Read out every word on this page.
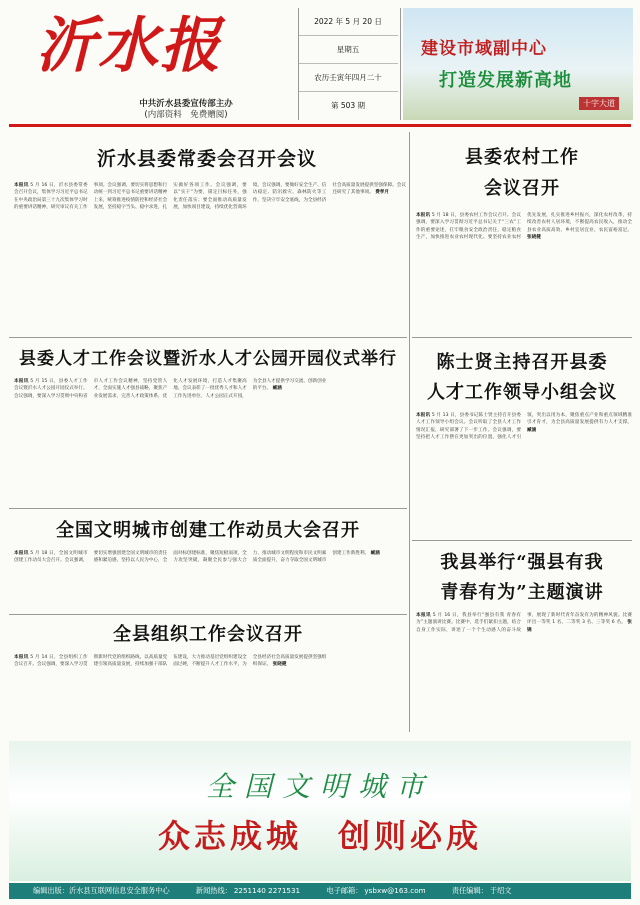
沂水报
中共沂水县委宣传部主办
(内部资料　免费赠阅)
2022 年 5 月 20 日
星期五
农历壬寅年四月二十
第 503 期
建设市域副中心
打造发展新高地
十字大道
沂水县委常委会召开会议
本报讯 5 月 16 日，沂水县委常委会召开会议，集体学习习近平总书记在中央政治局第三十九次集体学习时的重要讲话精神，研究审议有关工作事项。会议强调，要切实将思想和行动统一到习近平总书记重要讲话精神上来，统筹推进疫情防控和经济社会发展，坚持稳字当头、稳中求进，扎实做好各项工作。会议强调，要以“实干”为要，锚定目标任务，强化责任落实；要全面推动高质量发展，加快项目建设，持续优化营商环境。会议强调，要做好安全生产、信访稳定、防汛救灾、森林防火等工作，坚决守牢安全底线，为全县经济社会高质量发展提供坚强保障。会议还研究了其他事项。 费孝月
县委农村工作
会议召开
本报讯 5 月 18 日，县委农村工作会议召开。会议强调，要深入学习贯彻习近平总书记关于“三农”工作的重要论述，扛牢粮食安全政治责任，稳定粮食生产，加快推进农业农村现代化。要坚持农业农村优先发展，扎实推进乡村振兴，深化农村改革，持续改善农村人居环境，不断提高农民收入，推动全县农业高质高效、乡村宜居宜业、农民富裕富足。 张晓健
县委人才工作会议暨沂水人才公园开园仪式举行
本报讯 5 月 15 日，县委人才工作会议暨沂水人才公园开园仪式举行。会议强调，要深入学习贯彻中央和省市人才工作会议精神，坚持党管人才，全面实施人才强县战略，聚焦产业发展需求，完善人才政策体系，优化人才发展环境，打造人才集聚高地。会议表彰了一批优秀人才和人才工作先进单位，人才公园正式开园，为全县人才提供学习交流、创新创业的平台。 臧涵
陈士贤主持召开县委
人才工作领导小组会议
本报讯 5 月 13 日，县委书记陈士贤主持召开县委人才工作领导小组会议。会议听取了全县人才工作情况汇报，研究部署了下一步工作。会议强调，要坚持把人才工作摆在更加突出的位置，强化人才引领，突出以用为本，聚焦重点产业和重点领域精准引才育才，为全县高质量发展提供有力人才支撑。 臧涵
全国文明城市创建工作动员大会召开
本报讯 5 月 18 日，全国文明城市创建工作动员大会召开。会议强调，要切实增强创建全国文明城市的责任感和紧迫感，坚持以人民为中心，全面对标创建标准，聚焦短板弱项，全力攻坚突破，凝聚全民参与强大合力，推动城市文明程度和市民文明素质全面提升，奋力夺取全国文明城市创建工作新胜利。 臧涵	我县举行“强县有我
青春有为”主题演讲
本报讯 5 月 16 日，我县举行“强县有我 青春有为”主题演讲比赛。比赛中，选手们紧扣主题，结合自身工作实际，讲述了一个个生动感人的奋斗故事，展现了新时代青年奋发有为的精神风貌。比赛评出一等奖 1 名、二等奖 3 名、三等奖 6 名。 张锦
全县组织工作会议召开
本报讯 5 月 14 日，全县组织工作会议召开。会议强调，要深入学习贯彻新时代党的组织路线，以高质量党建引领高质量发展，持续加强干部队伍建设，大力推动基层党组织建设全面过硬，不断提升人才工作水平，为全县经济社会高质量发展提供坚强组织保证。 张晓健
全国文明城市
众志成城　创则必成
编辑出版：沂水县互联网信息安全服务中心	新闻热线： 2251140 2271531	电子邮箱： ysbxw@163.com	责任编辑： 于绍文
